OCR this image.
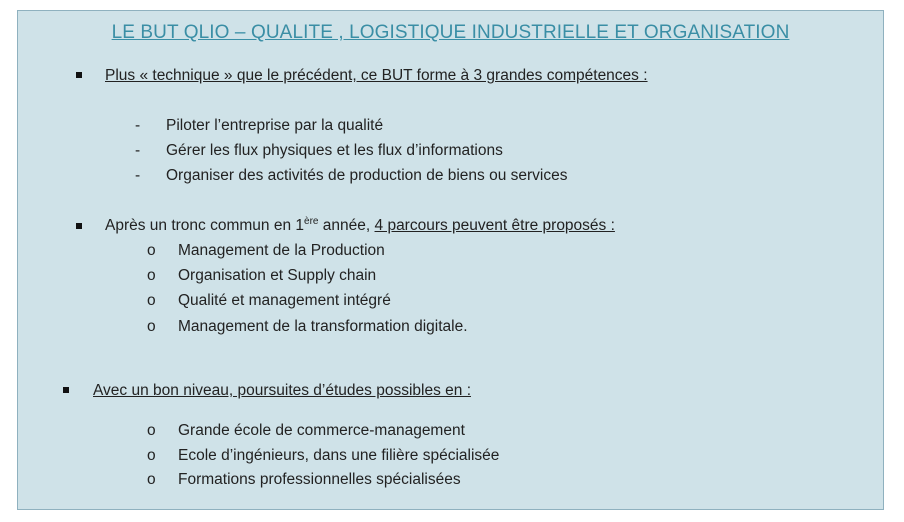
LE BUT QLIO – QUALITE , LOGISTIQUE INDUSTRIELLE ET ORGANISATION
Plus « technique » que le précédent, ce BUT forme à 3 grandes compétences :
- Piloter l’entreprise par la qualité
- Gérer les flux physiques et les flux d’informations
- Organiser des activités de production de biens ou services
Après un tronc commun en 1ère année, 4 parcours peuvent être proposés :
o Management de la Production
o Organisation et Supply chain
o Qualité et management intégré
o Management de la transformation digitale.
Avec un bon niveau, poursuites d’études possibles en :
o Grande école de commerce-management
o Ecole d’ingénieurs, dans une filière spécialisée
o Formations professionnelles spécialisées
